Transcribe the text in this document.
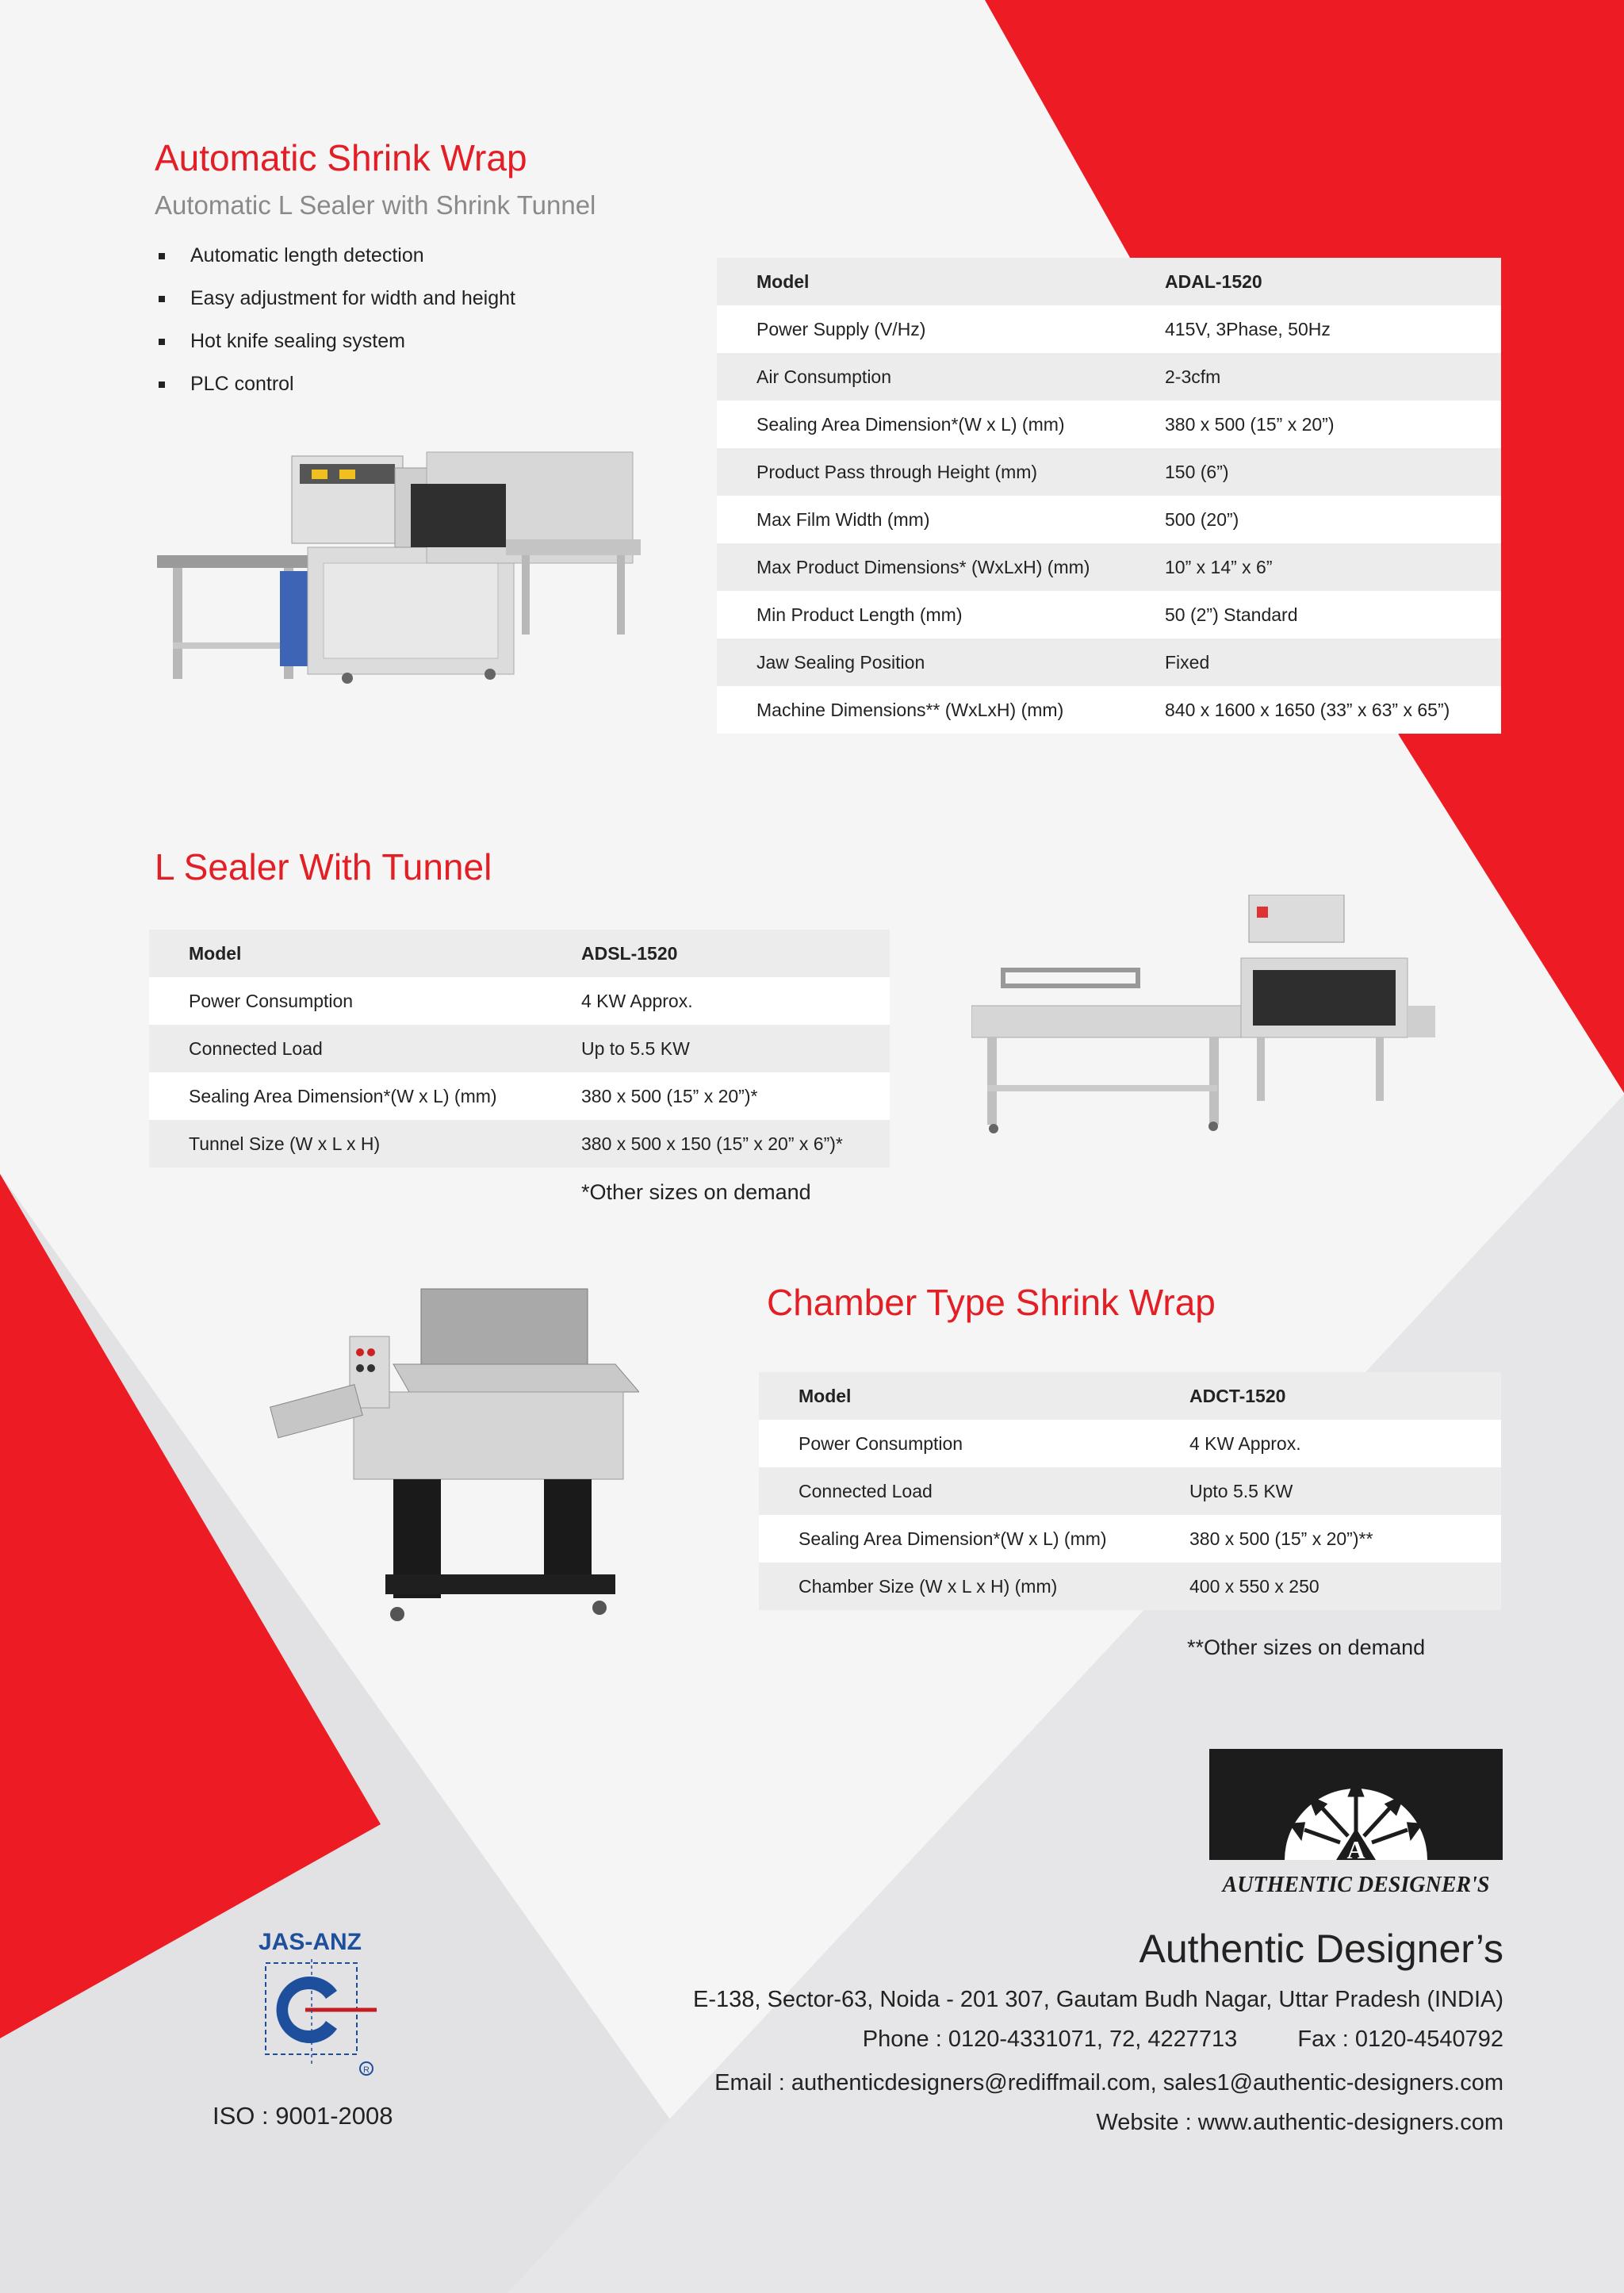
Automatic Shrink Wrap
Automatic L Sealer with Shrink Tunnel
Automatic length detection
Easy adjustment for width and height
Hot knife sealing system
PLC control
Model	ADAL-1520
Power Supply (V/Hz)	415V, 3Phase, 50Hz
Air Consumption	2-3cfm
Sealing Area Dimension*(W x L) (mm)	380 x 500 (15” x 20”)
Product Pass through Height (mm)	150 (6”)
Max Film Width (mm)	500 (20”)
Max Product Dimensions* (WxLxH) (mm)	10” x 14” x 6”
Min Product Length (mm)	50 (2”) Standard
Jaw Sealing Position	Fixed
Machine Dimensions** (WxLxH) (mm)	840 x 1600 x 1650 (33” x 63” x 65”)
L Sealer With Tunnel
Model	ADSL-1520
Power Consumption	4 KW Approx.
Connected Load	Up to 5.5 KW
Sealing Area Dimension*(W x L) (mm)	380 x 500 (15” x 20”)*
Tunnel Size (W x L x H)	380 x 500 x 150 (15” x 20” x 6”)*
*Other sizes on demand
Chamber Type Shrink Wrap
Model	ADCT-1520
Power Consumption	4 KW Approx.
Connected Load	Upto 5.5 KW
Sealing Area Dimension*(W x L) (mm)	380 x 500 (15” x 20”)**
Chamber Size (W x L x H) (mm)	400 x 550 x 250
**Other sizes on demand
A
AUTHENTIC DESIGNER'S
JAS-ANZ
R
ISO : 9001-2008
Authentic Designer’s
E-138, Sector-63, Noida - 201 307, Gautam Budh Nagar, Uttar Pradesh (INDIA)
Phone : 0120-4331071, 72, 4227713	Fax : 0120-4540792
Email : authenticdesigners@rediffmail.com, sales1@authentic-designers.com
Website : www.authentic-designers.com
